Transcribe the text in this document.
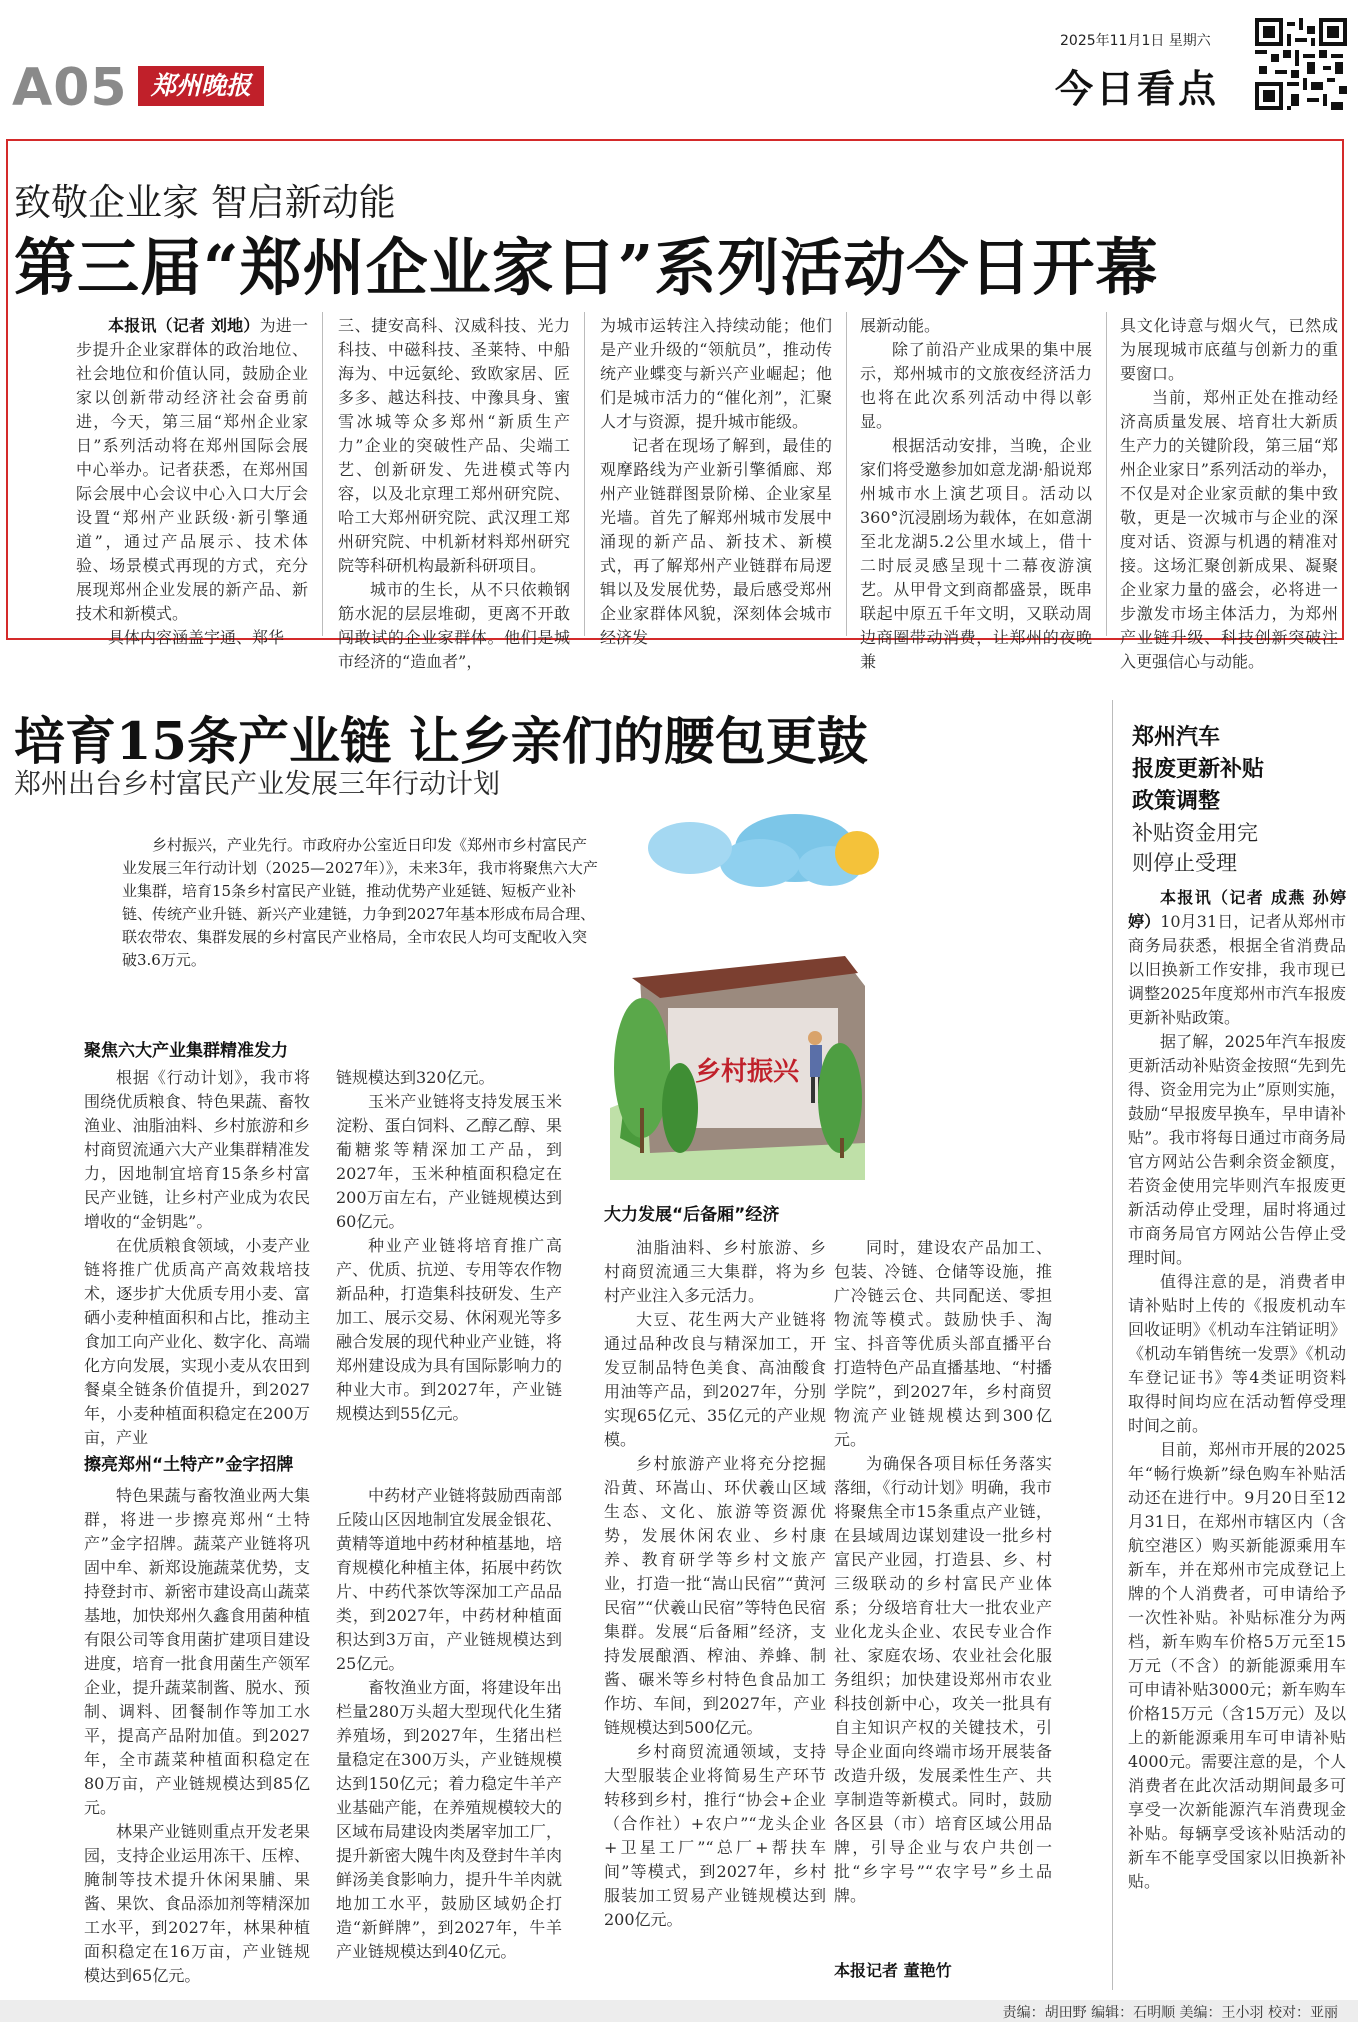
A05 郑州晚报
2025年11月1日 星期六
今日看点
致敬企业家 智启新动能
第三届“郑州企业家日”系列活动今日开幕

本报讯（记者 刘地）为进一步提升企业家群体的政治地位、社会地位和价值认同，鼓励企业家以创新带动经济社会奋勇前进，今天，第三届“郑州企业家日”系列活动将在郑州国际会展中心举办。记者获悉，在郑州国际会展中心会议中心入口大厅会设置“郑州产业跃级·新引擎通道”，通过产品展示、技术体验、场景模式再现的方式，充分展现郑州企业发展的新产品、新技术和新模式。

具体内容涵盖宇通、郑华

三、捷安高科、汉威科技、光力科技、中磁科技、圣莱特、中船海为、中远氨纶、致欧家居、匠多多、越达科技、中豫具身、蜜雪冰城等众多郑州“新质生产力”企业的突破性产品、尖端工艺、创新研发、先进模式等内容，以及北京理工郑州研究院、哈工大郑州研究院、武汉理工郑州研究院、中机新材料郑州研究院等科研机构最新科研项目。

城市的生长，从不只依赖钢筋水泥的层层堆砌，更离不开敢闯敢试的企业家群体。他们是城市经济的“造血者”，

为城市运转注入持续动能；他们是产业升级的“领航员”，推动传统产业蝶变与新兴产业崛起；他们是城市活力的“催化剂”，汇聚人才与资源，提升城市能级。

记者在现场了解到，最佳的观摩路线为产业新引擎循廊、郑州产业链群图景阶梯、企业家星光墙。首先了解郑州城市发展中涌现的新产品、新技术、新模式，再了解郑州产业链群布局逻辑以及发展优势，最后感受郑州企业家群体风貌，深刻体会城市经济发

展新动能。

除了前沿产业成果的集中展示，郑州城市的文旅夜经济活力也将在此次系列活动中得以彰显。

根据活动安排，当晚，企业家们将受邀参加如意龙湖·船说郑州城市水上演艺项目。活动以360°沉浸剧场为载体，在如意湖至北龙湖5.2公里水域上，借十二时辰灵感呈现十二幕夜游演艺。从甲骨文到商都盛景，既串联起中原五千年文明，又联动周边商圈带动消费，让郑州的夜晚兼

具文化诗意与烟火气，已然成为展现城市底蕴与创新力的重要窗口。

当前，郑州正处在推动经济高质量发展、培育壮大新质生产力的关键阶段，第三届“郑州企业家日”系列活动的举办，不仅是对企业家贡献的集中致敬，更是一次城市与企业的深度对话、资源与机遇的精准对接。这场汇聚创新成果、凝聚企业家力量的盛会，必将进一步激发市场主体活力，为郑州产业链升级、科技创新突破注入更强信心与动能。

培育15条产业链 让乡亲们的腰包更鼓
郑州出台乡村富民产业发展三年行动计划

乡村振兴，产业先行。市政府办公室近日印发《郑州市乡村富民产业发展三年行动计划（2025—2027年）》，未来3年，我市将聚焦六大产业集群，培育15条乡村富民产业链，推动优势产业延链、短板产业补链、传统产业升链、新兴产业建链，力争到2027年基本形成布局合理、联农带农、集群发展的乡村富民产业格局，全市农民人均可支配收入突破3.6万元。

乡村振兴
聚焦六大产业集群精准发力

根据《行动计划》，我市将围绕优质粮食、特色果蔬、畜牧渔业、油脂油料、乡村旅游和乡村商贸流通六大产业集群精准发力，因地制宜培育15条乡村富民产业链，让乡村产业成为农民增收的“金钥匙”。

在优质粮食领域，小麦产业链将推广优质高产高效栽培技术，逐步扩大优质专用小麦、富硒小麦种植面积和占比，推动主食加工向产业化、数字化、高端化方向发展，实现小麦从农田到餐桌全链条价值提升，到2027年，小麦种植面积稳定在200万亩，产业

链规模达到320亿元。

玉米产业链将支持发展玉米淀粉、蛋白饲料、乙醇乙醇、果葡糖浆等精深加工产品，到2027年，玉米种植面积稳定在200万亩左右，产业链规模达到60亿元。

种业产业链将培育推广高产、优质、抗逆、专用等农作物新品种，打造集科技研发、生产加工、展示交易、休闲观光等多融合发展的现代种业产业链，将郑州建设成为具有国际影响力的种业大市。到2027年，产业链规模达到55亿元。

擦亮郑州“土特产”金字招牌

特色果蔬与畜牧渔业两大集群，将进一步擦亮郑州“土特产”金字招牌。蔬菜产业链将巩固中牟、新郑设施蔬菜优势，支持登封市、新密市建设高山蔬菜基地，加快郑州久鑫食用菌种植有限公司等食用菌扩建项目建设进度，培育一批食用菌生产领军企业，提升蔬菜制酱、脱水、预制、调料、团餐制作等加工水平，提高产品附加值。到2027年，全市蔬菜种植面积稳定在80万亩，产业链规模达到85亿元。

林果产业链则重点开发老果园，支持企业运用冻干、压榨、腌制等技术提升休闲果脯、果酱、果饮、食品添加剂等精深加工水平，到2027年，林果种植面积稳定在16万亩，产业链规模达到65亿元。

中药材产业链将鼓励西南部丘陵山区因地制宜发展金银花、黄精等道地中药材种植基地，培育规模化种植主体，拓展中药饮片、中药代茶饮等深加工产品品类，到2027年，中药材种植面积达到3万亩，产业链规模达到25亿元。

畜牧渔业方面，将建设年出栏量280万头超大型现代化生猪养殖场，到2027年，生猪出栏量稳定在300万头，产业链规模达到150亿元；着力稳定牛羊产业基础产能，在养殖规模较大的区域布局建设肉类屠宰加工厂，提升新密大隗牛肉及登封牛羊肉鲜汤美食影响力，提升牛羊肉就地加工水平，鼓励区域奶企打造“新鲜牌”，到2027年，牛羊产业链规模达到40亿元。

大力发展“后备厢”经济

油脂油料、乡村旅游、乡村商贸流通三大集群，将为乡村产业注入多元活力。

大豆、花生两大产业链将通过品种改良与精深加工，开发豆制品特色美食、高油酸食用油等产品，到2027年，分别实现65亿元、35亿元的产业规模。

乡村旅游产业将充分挖掘沿黄、环嵩山、环伏羲山区域生态、文化、旅游等资源优势，发展休闲农业、乡村康养、教育研学等乡村文旅产业，打造一批“嵩山民宿”“黄河民宿”“伏羲山民宿”等特色民宿集群。发展“后备厢”经济，支持发展酿酒、榨油、养蜂、制酱、碾米等乡村特色食品加工作坊、车间，到2027年，产业链规模达到500亿元。

乡村商贸流通领域，支持大型服装企业将简易生产环节转移到乡村，推行“协会+企业（合作社）+农户”“龙头企业+卫星工厂”“总厂+帮扶车间”等模式，到2027年，乡村服装加工贸易产业链规模达到200亿元。

同时，建设农产品加工、包装、冷链、仓储等设施，推广冷链云仓、共同配送、零担物流等模式。鼓励快手、淘宝、抖音等优质头部直播平台打造特色产品直播基地、“村播学院”，到2027年，乡村商贸物流产业链规模达到300亿元。

为确保各项目标任务落实落细，《行动计划》明确，我市将聚焦全市15条重点产业链，在县域周边谋划建设一批乡村富民产业园，打造县、乡、村三级联动的乡村富民产业体系；分级培育壮大一批农业产业化龙头企业、农民专业合作社、家庭农场、农业社会化服务组织；加快建设郑州市农业科技创新中心，攻关一批具有自主知识产权的关键技术，引导企业面向终端市场开展装备改造升级，发展柔性生产、共享制造等新模式。同时，鼓励各区县（市）培育区域公用品牌，引导企业与农户共创一批“乡字号”“农字号”乡土品牌。

本报记者 董艳竹
郑州汽车
报废更新补贴
政策调整
补贴资金用完
则停止受理

本报讯（记者 成燕 孙婷婷）10月31日，记者从郑州市商务局获悉，根据全省消费品以旧换新工作安排，我市现已调整2025年度郑州市汽车报废更新补贴政策。

据了解，2025年汽车报废更新活动补贴资金按照“先到先得、资金用完为止”原则实施，鼓励“早报废早换车，早申请补贴”。我市将每日通过市商务局官方网站公告剩余资金额度，若资金使用完毕则汽车报废更新活动停止受理，届时将通过市商务局官方网站公告停止受理时间。

值得注意的是，消费者申请补贴时上传的《报废机动车回收证明》《机动车注销证明》《机动车销售统一发票》《机动车登记证书》等4类证明资料取得时间均应在活动暂停受理时间之前。

目前，郑州市开展的2025年“畅行焕新”绿色购车补贴活动还在进行中。9月20日至12月31日，在郑州市辖区内（含航空港区）购买新能源乘用车新车，并在郑州市完成登记上牌的个人消费者，可申请给予一次性补贴。补贴标准分为两档，新车购车价格5万元至15万元（不含）的新能源乘用车可申请补贴3000元；新车购车价格15万元（含15万元）及以上的新能源乘用车可申请补贴4000元。需要注意的是，个人消费者在此次活动期间最多可享受一次新能源汽车消费现金补贴。每辆享受该补贴活动的新车不能享受国家以旧换新补贴。

责编：胡田野 编辑：石明顺 美编：王小羽 校对：亚丽
